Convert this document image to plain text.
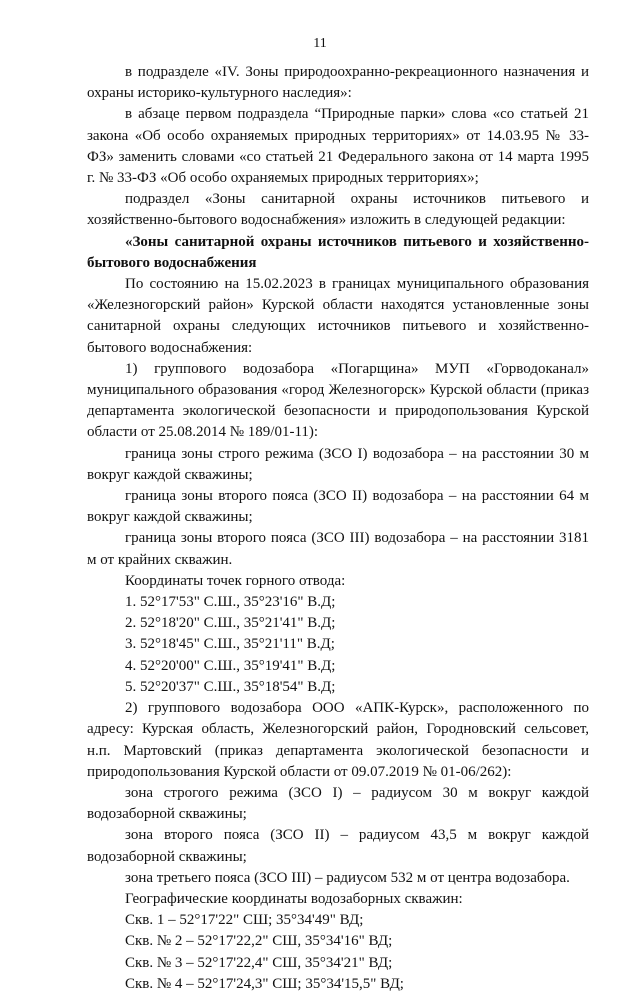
11

в подразделе «IV. Зоны природоохранно-рекреационного назначения и охраны историко-культурного наследия»:

в абзаце первом подраздела “Природные парки» слова «со статьей 21 закона «Об особо охраняемых природных территориях» от 14.03.95 № 33-ФЗ» заменить словами «со статьей 21 Федерального закона от 14 марта 1995 г. № 33-ФЗ «Об особо охраняемых природных территориях»;

подраздел «Зоны санитарной охраны источников питьевого и хозяйственно-бытового водоснабжения» изложить в следующей редакции:

«Зоны санитарной охраны источников питьевого и хозяйственно-бытового водоснабжения

По состоянию на 15.02.2023 в границах муниципального образования «Железногорский район» Курской области находятся установленные зоны санитарной охраны следующих источников питьевого и хозяйственно-бытового водоснабжения:

1) группового водозабора «Погарщина» МУП «Горводоканал» муниципального образования «город Железногорск» Курской области (приказ департамента экологической безопасности и природопользования Курской области от 25.08.2014 № 189/01-11):

граница зоны строго режима (ЗСО I) водозабора – на расстоянии 30 м вокруг каждой скважины;

граница зоны второго пояса (ЗСО II) водозабора – на расстоянии 64 м вокруг каждой скважины;

граница зоны второго пояса (ЗСО III) водозабора – на расстоянии 3181 м от крайних скважин.

Координаты точек горного отвода:

1. 52°17'53" С.Ш., 35°23'16" В.Д;

2. 52°18'20" С.Ш., 35°21'41" В.Д;

3. 52°18'45" С.Ш., 35°21'11" В.Д;

4. 52°20'00" С.Ш., 35°19'41" В.Д;

5. 52°20'37" С.Ш., 35°18'54" В.Д;

2) группового водозабора ООО «АПК-Курск», расположенного по адресу: Курская область, Железногорский район, Городновский сельсовет, н.п. Мартовский (приказ департамента экологической безопасности и природопользования Курской области от 09.07.2019 № 01-06/262):

зона строгого режима (ЗСО I) – радиусом 30 м вокруг каждой водозаборной скважины;

зона второго пояса (ЗСО II) – радиусом 43,5 м вокруг каждой водозаборной скважины;

зона третьего пояса (ЗСО III) – радиусом 532 м от центра водозабора.

Географические координаты водозаборных скважин:

Скв. 1 – 52°17'22" СШ; 35°34'49" ВД;

Скв. № 2 – 52°17'22,2" СШ, 35°34'16" ВД;

Скв. № 3 – 52°17'22,4" СШ, 35°34'21" ВД;

Скв. № 4 – 52°17'24,3" СШ; 35°34'15,5" ВД;
